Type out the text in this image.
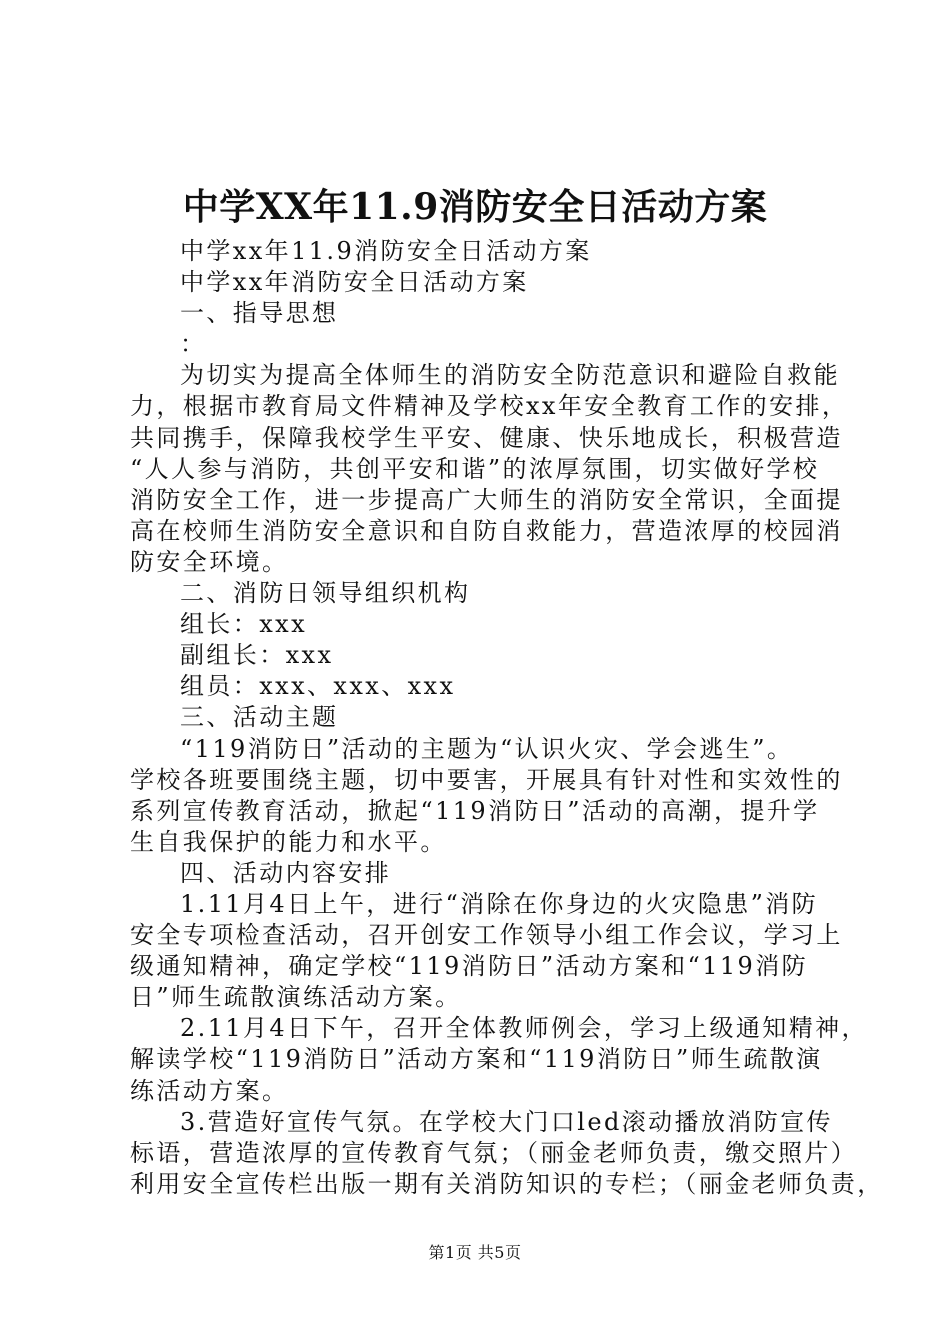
中学XX年11.9消防安全日活动方案
中学xx年11.9消防安全日活动方案
中学xx年消防安全日活动方案
一、指导思想
：
为切实为提高全体师生的消防安全防范意识和避险自救能
力，根据市教育局文件精神及学校xx年安全教育工作的安排，
共同携手，保障我校学生平安、健康、快乐地成长，积极营造
“人人参与消防，共创平安和谐”的浓厚氛围，切实做好学校
消防安全工作，进一步提高广大师生的消防安全常识，全面提
高在校师生消防安全意识和自防自救能力，营造浓厚的校园消
防安全环境。
二、消防日领导组织机构
组长：xxx
副组长：xxx
组员：xxx、xxx、xxx
三、活动主题
“119消防日”活动的主题为“认识火灾、学会逃生”。
学校各班要围绕主题，切中要害，开展具有针对性和实效性的
系列宣传教育活动，掀起“119消防日”活动的高潮，提升学
生自我保护的能力和水平。
四、活动内容安排
1.11月4日上午，进行“消除在你身边的火灾隐患”消防
安全专项检查活动，召开创安工作领导小组工作会议，学习上
级通知精神，确定学校“119消防日”活动方案和“119消防
日”师生疏散演练活动方案。
2.11月4日下午，召开全体教师例会，学习上级通知精神，
解读学校“119消防日”活动方案和“119消防日”师生疏散演
练活动方案。
3.营造好宣传气氛。在学校大门口led滚动播放消防宣传
标语，营造浓厚的宣传教育气氛；（丽金老师负责，缴交照片）
利用安全宣传栏出版一期有关消防知识的专栏；（丽金老师负责，
第1页 共5页
